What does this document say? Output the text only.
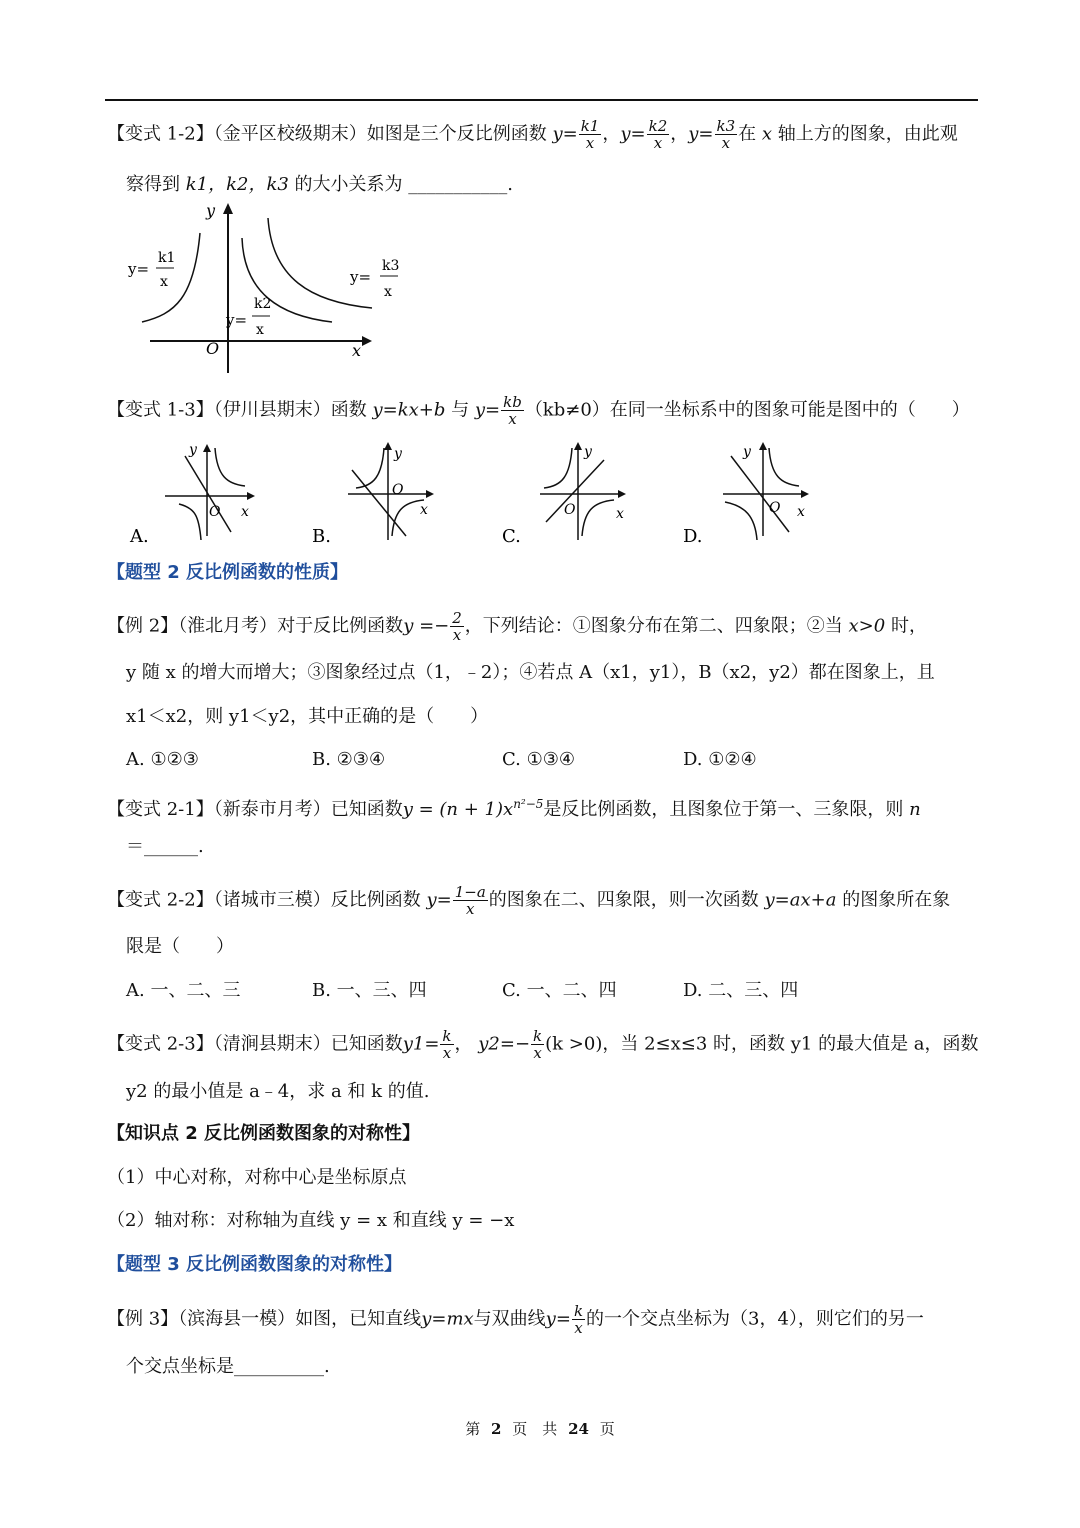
【变式 1-2】（金平区校级期末）如图是三个反比例函数 $y= \frac{k1}{x}$ ，$y= \frac{k2}{x}$ ，$y= \frac{k3}{x}$ 在 x 轴上方的图象，由此观
察得到 k1，k2，k3 的大小关系为 ___________.
y
x
O
y=
k1
x
y=
k2
x
y=
k3
x
【变式 1-3】（伊川县期末）函数 y=kx+b 与 $y= \frac{kb}{x} (kb\ne 0)$在同一坐标系中的图象可能是图中的（　　）
y
x
O
A.
y
x
O
B.
y
x
O
C.
y
x
O
D.
【题型 2 反比例函数的性质】
【例 2】（淮北月考）对于反比例函数$y =- \frac{2}{x}$ ，下列结论：①图象分布在第二、四象限；②当 x>0 时，
y 随 x 的增大而增大；③图象经过点（1，﹣2）；④若点 A（x1，y1），B（x2，y2）都在图象上，且
x1＜x2，则 y1＜y2，其中正确的是（　　）
A. ①②③	B. ②③④	C. ①③④	D. ①②④
【变式 2-1】（新泰市月考）已知函数$y = (n + 1)x^{n^2-5}$是反比例函数，且图象位于第一、三象限，则 n
＝______.
【变式 2-2】（诸城市三模）反比例函数 $y= \frac{1-a}{x}$ 的图象在二、四象限，则一次函数 y=ax+a 的图象所在象
限是（　　）
A. 一、二、三	B. 一、三、四	C. 一、二、四	D. 二、三、四
【变式 2-3】（清涧县期末）已知函数$y1= \frac{k}{x}$ ， $y2=- \frac{k}{x} (k >0)$，当 2≤x≤3 时，函数 y1 的最大值是 a，函数
y2 的最小值是 a﹣4，求 a 和 k 的值.
【知识点 2 反比例函数图象的对称性】
（1）中心对称，对称中心是坐标原点
（2）轴对称：对称轴为直线 y = x 和直线 y = −x
【题型 3 反比例函数图象的对称性】
【例 3】（滨海县一模）如图，已知直线y=mx与双曲线$y= \frac{k}{x}$ 的一个交点坐标为（3，4），则它们的另一
个交点坐标是__________.
第 2 页　共 24 页
